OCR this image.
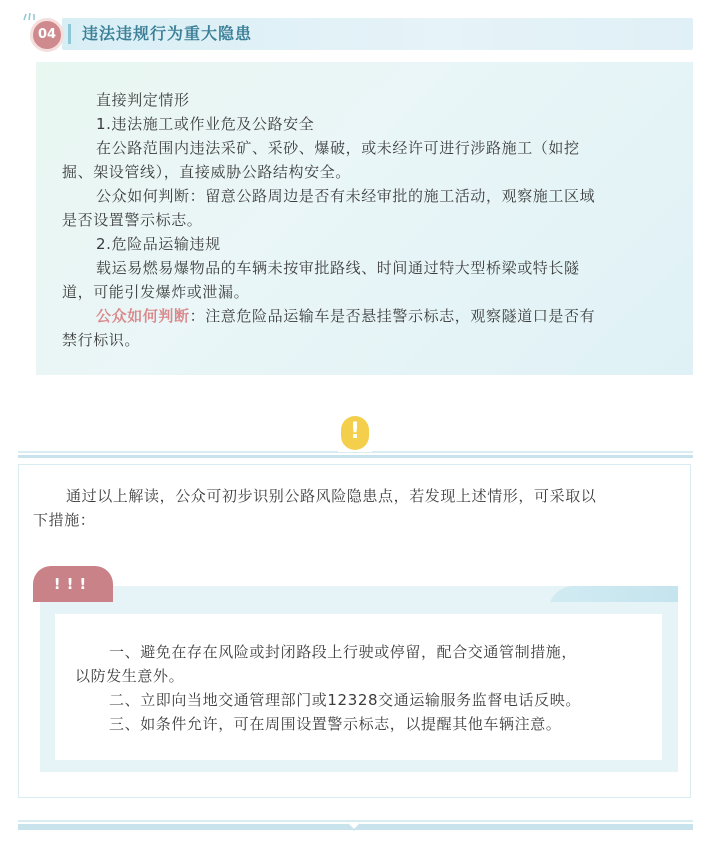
04	违法违规行为重大隐患
直接判定情形
1.违法施工或作业危及公路安全
在公路范围内违法采矿、采砂、爆破，或未经许可进行涉路施工（如挖
掘、架设管线），直接威胁公路结构安全。
公众如何判断：留意公路周边是否有未经审批的施工活动，观察施工区域
是否设置警示标志。
2.危险品运输违规
载运易燃易爆物品的车辆未按审批路线、时间通过特大型桥梁或特长隧
道，可能引发爆炸或泄漏。
公众如何判断：注意危险品运输车是否悬挂警示标志，观察隧道口是否有
禁行标识。
!
通过以上解读，公众可初步识别公路风险隐患点，若发现上述情形，可采取以
下措施：
!!!
一、避免在存在风险或封闭路段上行驶或停留，配合交通管制措施，
以防发生意外。
二、立即向当地交通管理部门或12328交通运输服务监督电话反映。
三、如条件允许，可在周围设置警示标志，以提醒其他车辆注意。
